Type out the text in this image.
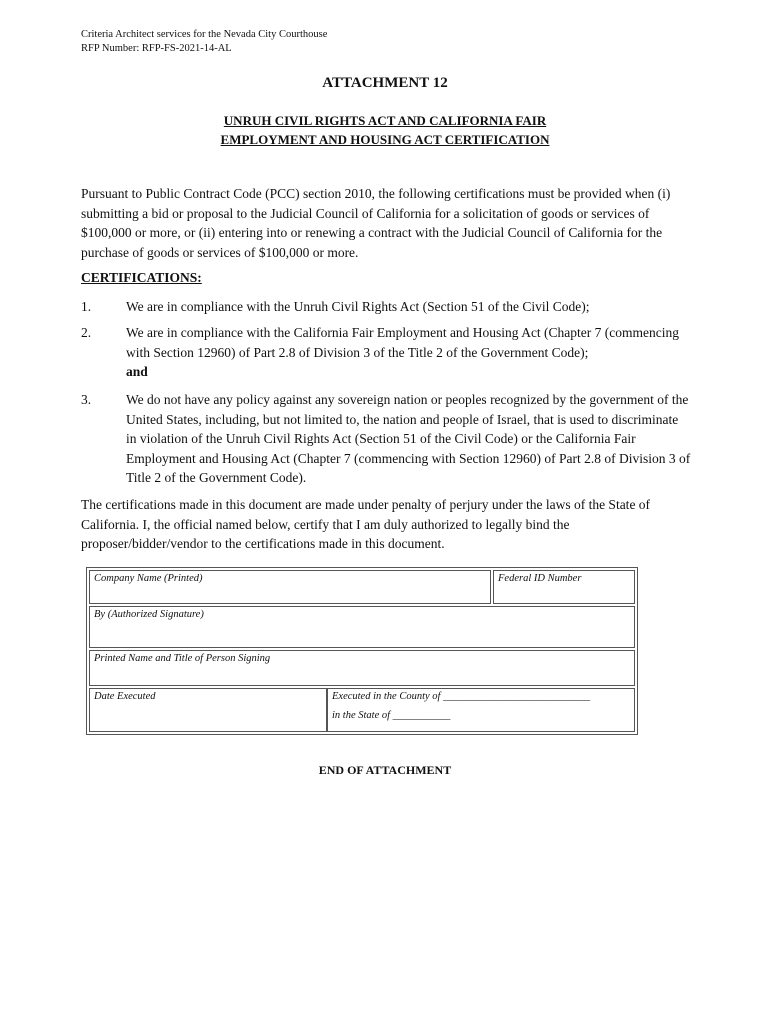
Criteria Architect services for the Nevada City Courthouse
RFP Number: RFP-FS-2021-14-AL
ATTACHMENT 12
UNRUH CIVIL RIGHTS ACT AND CALIFORNIA FAIR
EMPLOYMENT AND HOUSING ACT CERTIFICATION
Pursuant to Public Contract Code (PCC) section 2010, the following certifications must be provided when (i) submitting a bid or proposal to the Judicial Council of California for a solicitation of goods or services of $100,000 or more, or (ii) entering into or renewing a contract with the Judicial Council of California for the purchase of goods or services of $100,000 or more.
CERTIFICATIONS:
1.	We are in compliance with the Unruh Civil Rights Act (Section 51 of the Civil Code);
2.	We are in compliance with the California Fair Employment and Housing Act (Chapter 7 (commencing with Section 12960) of Part 2.8 of Division 3 of the Title 2 of the Government Code);
and
3.	We do not have any policy against any sovereign nation or peoples recognized by the government of the United States, including, but not limited to, the nation and people of Israel, that is used to discriminate in violation of the Unruh Civil Rights Act (Section 51 of the Civil Code) or the California Fair Employment and Housing Act (Chapter 7 (commencing with Section 12960) of Part 2.8 of Division 3 of Title 2 of the Government Code).
The certifications made in this document are made under penalty of perjury under the laws of the State of California. I, the official named below, certify that I am duly authorized to legally bind the proposer/bidder/vendor to the certifications made in this document.
Company Name (Printed)	Federal ID Number
By (Authorized Signature)
Printed Name and Title of Person Signing

Date Executed	Executed in the County of ____________________________
in the State of ___________
END OF ATTACHMENT
